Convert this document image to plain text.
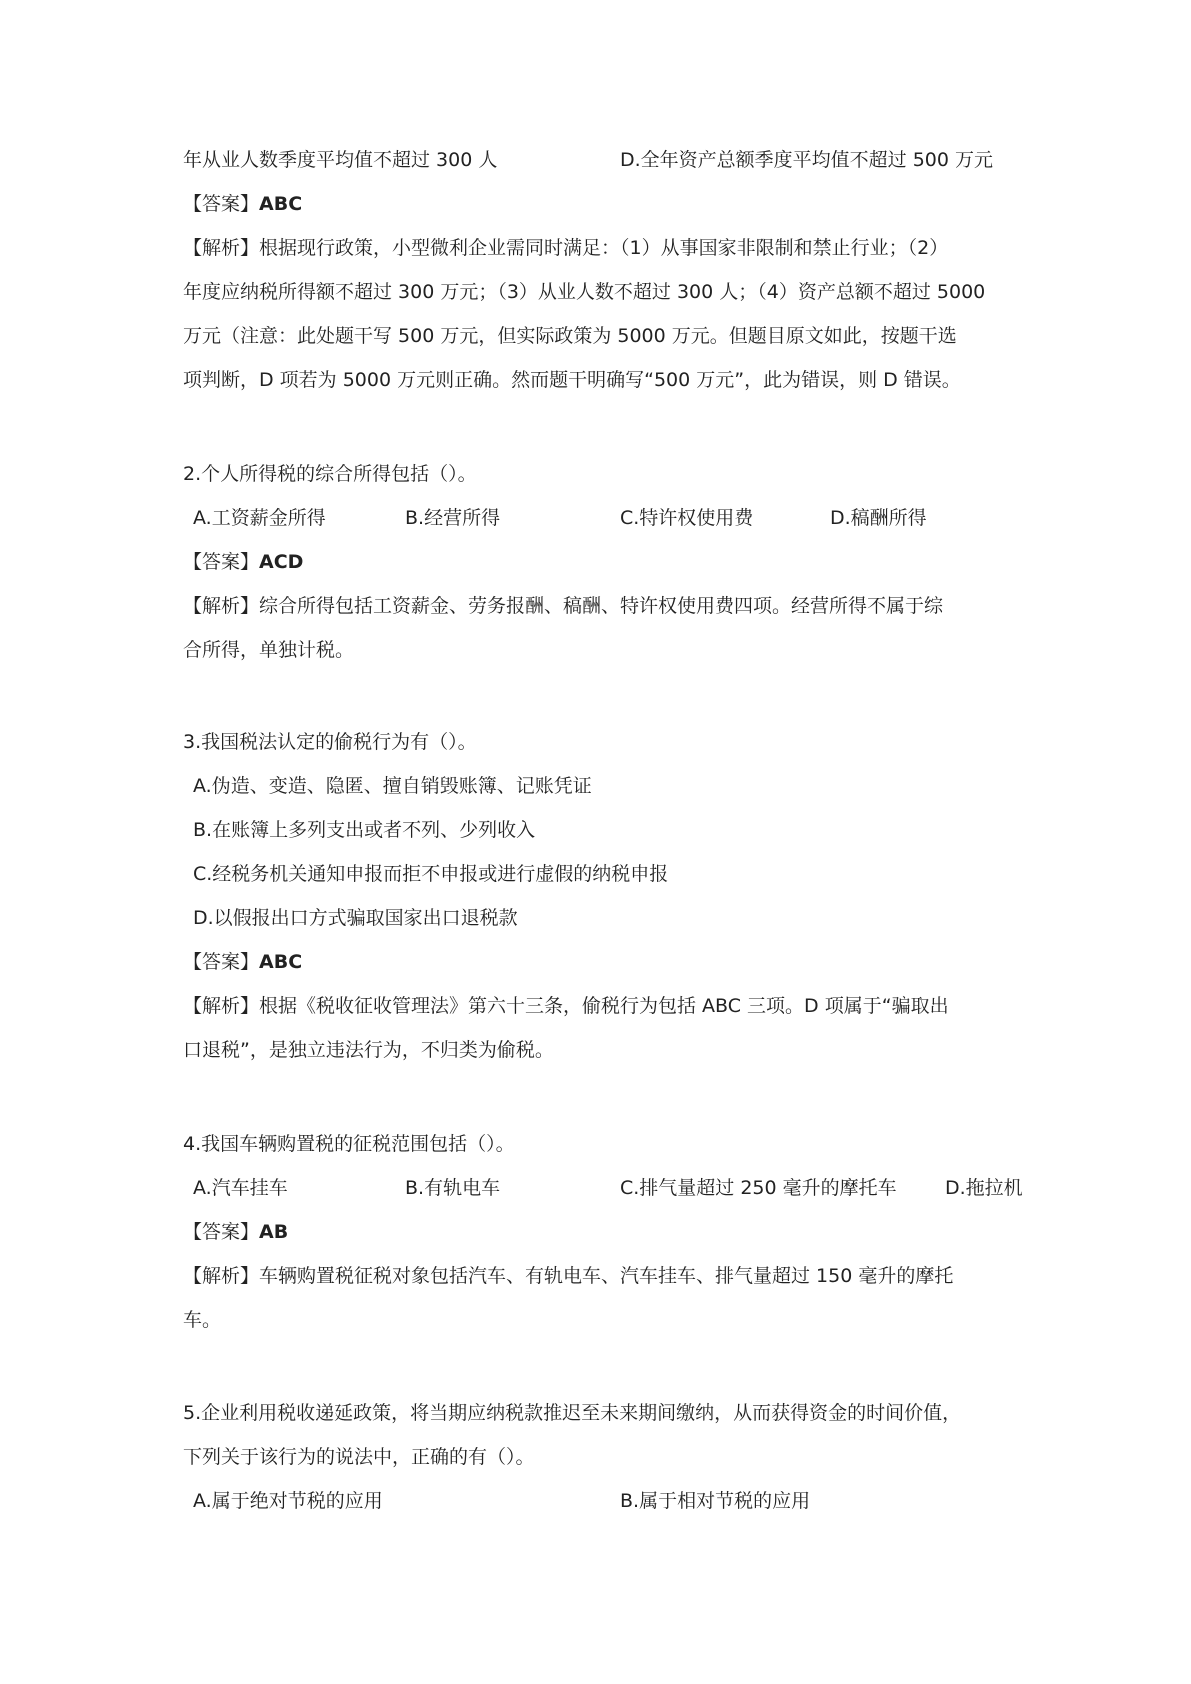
年从业人数季度平均值不超过 300 人	D.全年资产总额季度平均值不超过 500 万元
【答案】ABC
【解析】根据现行政策，小型微利企业需同时满足：（1）从事国家非限制和禁止行业；（2）
年度应纳税所得额不超过 300 万元；（3）从业人数不超过 300 人；（4）资产总额不超过 5000
万元（注意：此处题干写 500 万元，但实际政策为 5000 万元。但题目原文如此，按题干选
项判断，D 项若为 5000 万元则正确。然而题干明确写“500 万元”，此为错误，则 D 错误。
2.个人所得税的综合所得包括（）。
A.工资薪金所得	B.经营所得	C.特许权使用费	D.稿酬所得
【答案】ACD
【解析】综合所得包括工资薪金、劳务报酬、稿酬、特许权使用费四项。经营所得不属于综
合所得，单独计税。
3.我国税法认定的偷税行为有（）。
A.伪造、变造、隐匿、擅自销毁账簿、记账凭证
B.在账簿上多列支出或者不列、少列收入
C.经税务机关通知申报而拒不申报或进行虚假的纳税申报
D.以假报出口方式骗取国家出口退税款
【答案】ABC
【解析】根据《税收征收管理法》第六十三条，偷税行为包括 ABC 三项。D 项属于“骗取出
口退税”，是独立违法行为，不归类为偷税。
4.我国车辆购置税的征税范围包括（）。
A.汽车挂车	B.有轨电车	C.排气量超过 250 毫升的摩托车	D.拖拉机
【答案】AB
【解析】车辆购置税征税对象包括汽车、有轨电车、汽车挂车、排气量超过 150 毫升的摩托
车。
5.企业利用税收递延政策，将当期应纳税款推迟至未来期间缴纳，从而获得资金的时间价值，
下列关于该行为的说法中，正确的有（）。
A.属于绝对节税的应用	B.属于相对节税的应用
